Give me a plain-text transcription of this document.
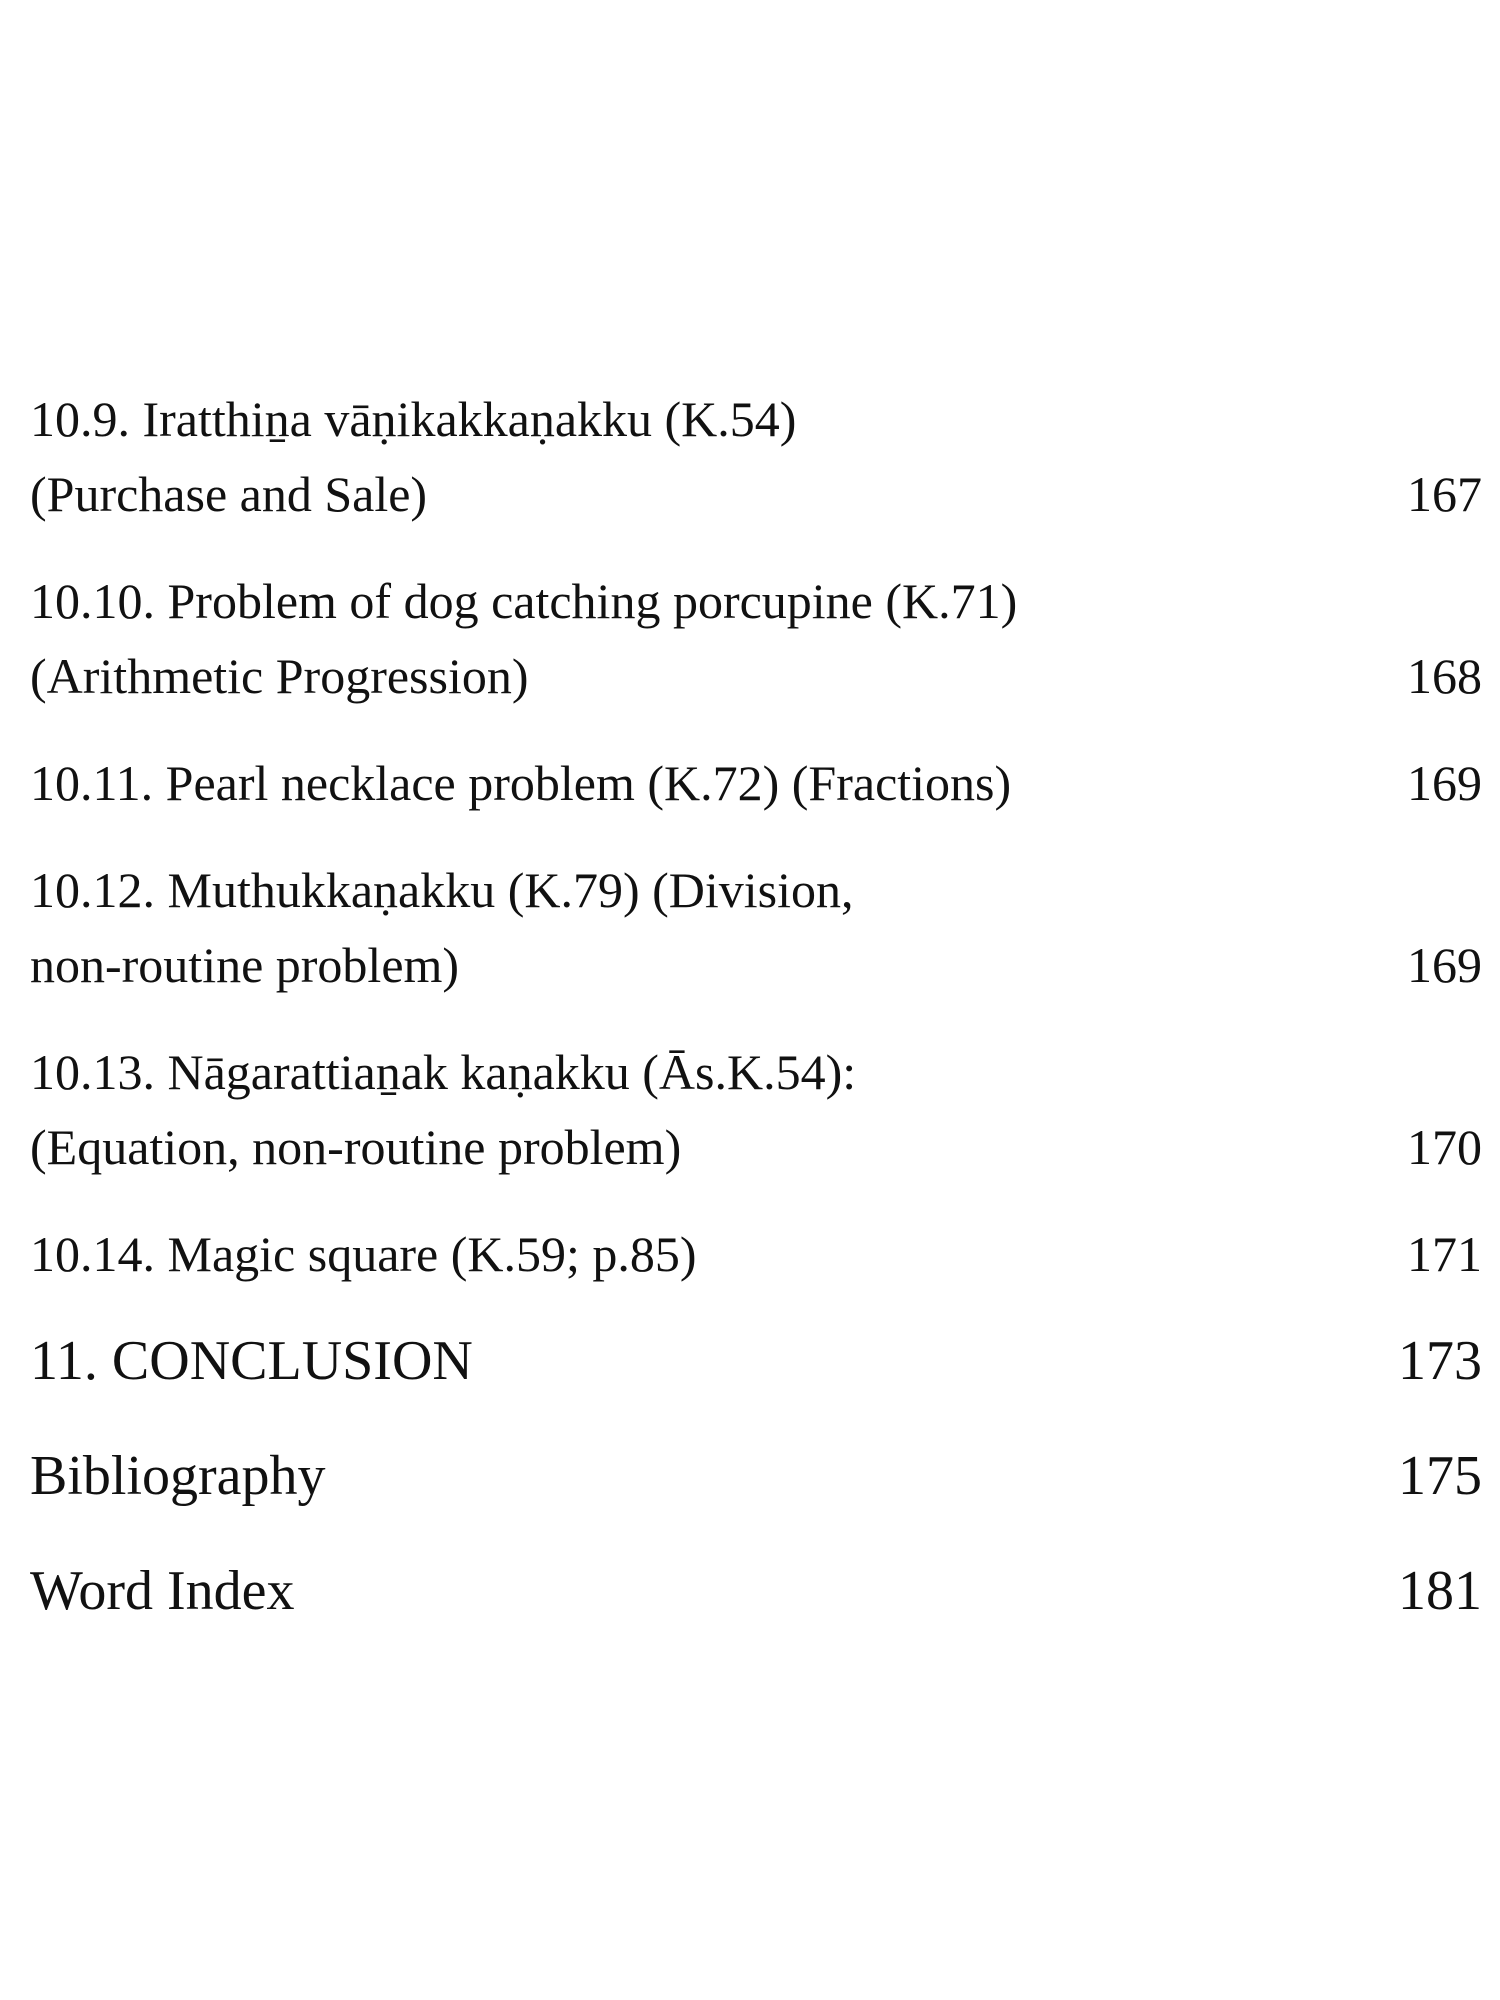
10.9. Iratthiṉa vāṇikakkaṇakku (K.54)
(Purchase and Sale)	167
10.10. Problem of dog catching porcupine (K.71)
(Arithmetic Progression)	168
10.11. Pearl necklace problem (K.72) (Fractions)	169
10.12. Muthukkaṇakku (K.79) (Division,
non-routine problem)	169
10.13. Nāgarattiaṉak kaṇakku (Ās.K.54):
(Equation, non-routine problem)	170
10.14. Magic square (K.59; p.85)	171
11. CONCLUSION	173
Bibliography	175
Word Index	181
